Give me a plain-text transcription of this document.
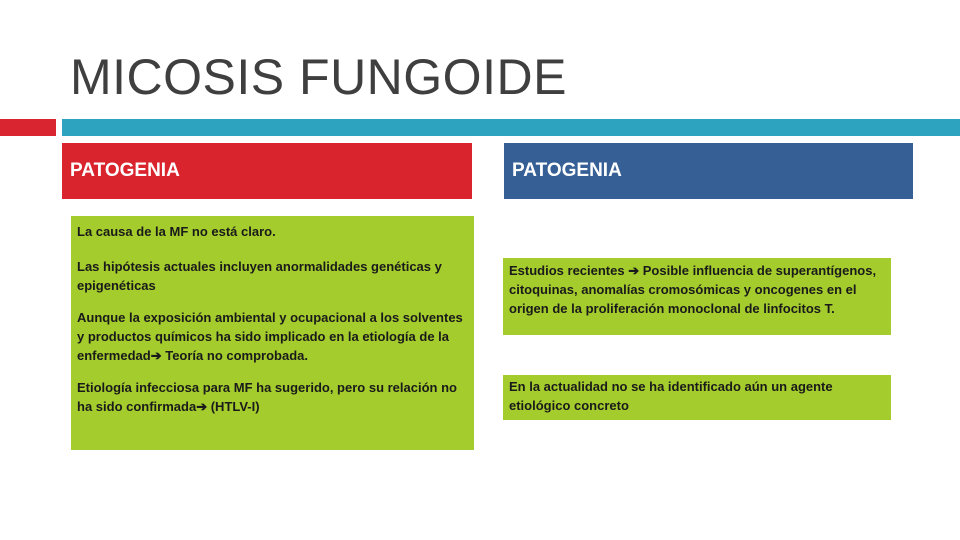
MICOSIS FUNGOIDE
PATOGENIA	PATOGENIA

La causa de la MF no está claro.

Las hipótesis actuales incluyen anormalidades genéticas y epigenéticas

Aunque la exposición ambiental y ocupacional a los solventes y productos químicos ha sido implicado en la etiología de la enfermedad➔ Teoría no comprobada.

Etiología infecciosa para MF ha sugerido, pero su relación no ha sido confirmada➔ (HTLV-I)

Estudios recientes ➔ Posible influencia de superantígenos, citoquinas, anomalías cromosómicas y oncogenes en el origen de la proliferación monoclonal de linfocitos T.

En la actualidad no se ha identificado aún un agente etiológico concreto
